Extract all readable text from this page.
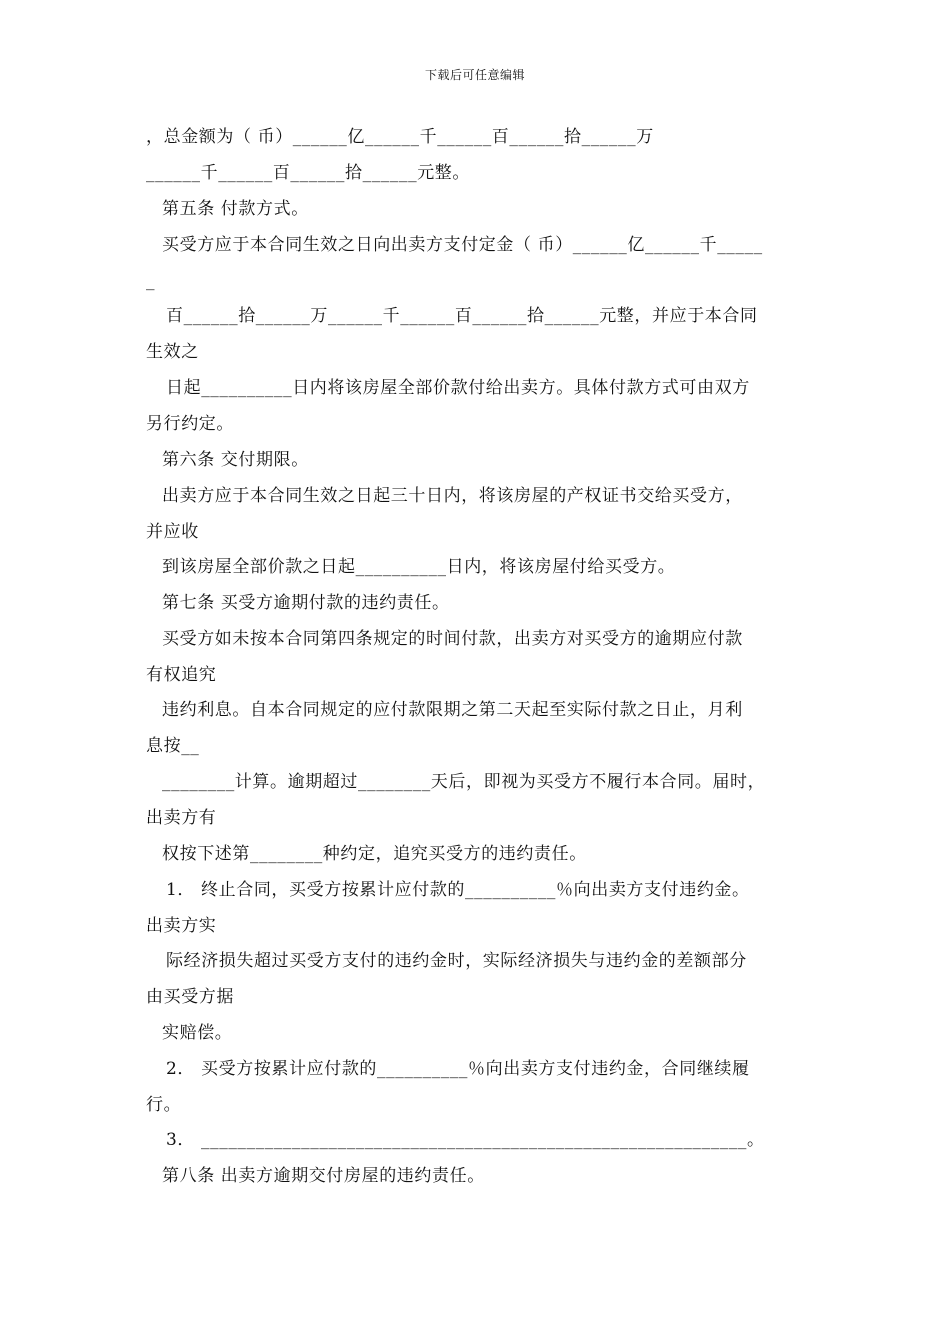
下载后可任意编辑
，总金额为（ 币）______亿______千______百______拾______万
______千______百______拾______元整。
第五条 付款方式。
买受方应于本合同生效之日向出卖方支付定金（ 币）______亿______千_____
_
百______拾______万______千______百______拾______元整，并应于本合同
生效之
日起__________日内将该房屋全部价款付给出卖方。具体付款方式可由双方
另行约定。
第六条 交付期限。
出卖方应于本合同生效之日起三十日内，将该房屋的产权证书交给买受方，
并应收
到该房屋全部价款之日起__________日内，将该房屋付给买受方。
第七条 买受方逾期付款的违约责任。
买受方如未按本合同第四条规定的时间付款，出卖方对买受方的逾期应付款
有权追究
违约利息。自本合同规定的应付款限期之第二天起至实际付款之日止，月利
息按__
________计算。逾期超过________天后，即视为买受方不履行本合同。届时，
出卖方有
权按下述第________种约定，追究买受方的违约责任。
1． 终止合同，买受方按累计应付款的__________％向出卖方支付违约金。
出卖方实
际经济损失超过买受方支付的违约金时，实际经济损失与违约金的差额部分
由买受方据
实赔偿。
2． 买受方按累计应付款的__________％向出卖方支付违约金，合同继续履
行。
3． ____________________________________________________________。
第八条 出卖方逾期交付房屋的违约责任。
